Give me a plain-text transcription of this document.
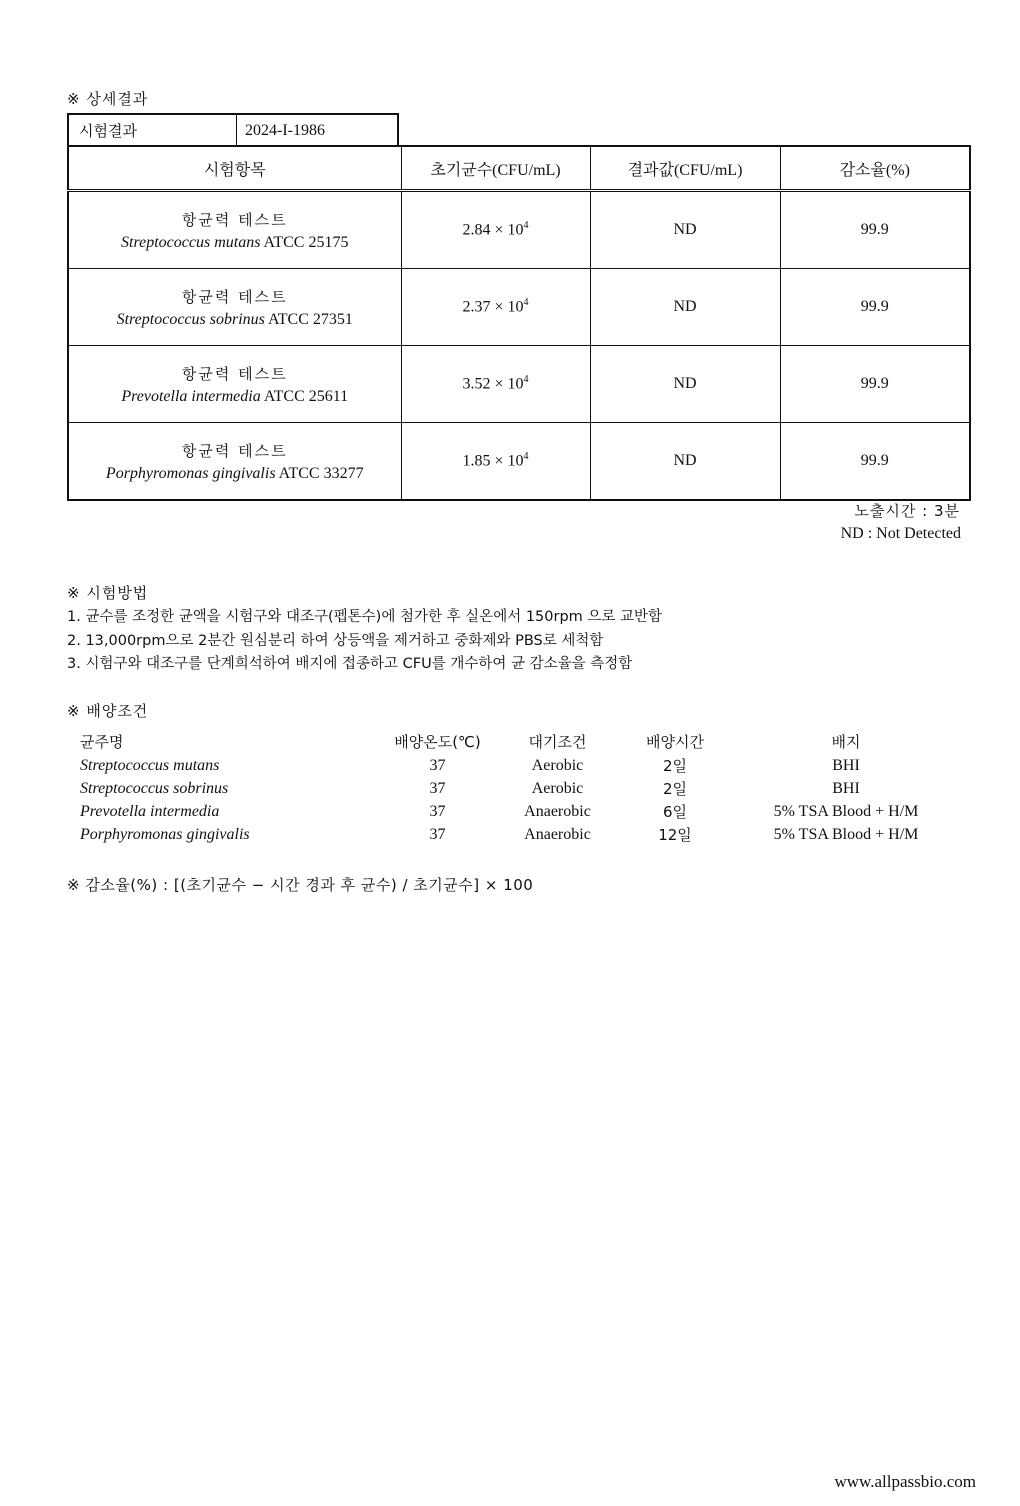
※ 상세결과
시험결과	2024-I-1986
시험항목	초기균수(CFU/mL)	결과값(CFU/mL)	감소율(%)

항균력 테스트
Streptococcus mutans ATCC 25175	$2.84 \times 10^4$	ND	99.9

항균력 테스트
Streptococcus sobrinus ATCC 27351	$2.37 \times 10^4$	ND	99.9

항균력 테스트
Prevotella intermedia ATCC 25611	$3.52 \times 10^4$	ND	99.9

항균력 테스트
Porphyromonas gingivalis ATCC 33277	$1.85 \times 10^4$	ND	99.9
노출시간 : 3분
ND : Not Detected
※ 시험방법
1. 균수를 조정한 균액을 시험구와 대조구(펩톤수)에 첨가한 후 실온에서 150rpm 으로 교반함
2. 13,000rpm으로 2분간 원심분리 하여 상등액을 제거하고 중화제와 PBS로 세척함
3. 시험구와 대조구를 단계희석하여 배지에 접종하고 CFU를 개수하여 균 감소율을 측정함
※ 배양조건
균주명	배양온도(℃)	대기조건	배양시간	배지
Streptococcus mutans	37	Aerobic	2일	BHI
Streptococcus sobrinus	37	Aerobic	2일	BHI
Prevotella intermedia	37	Anaerobic	6일	5% TSA Blood + H/M
Porphyromonas gingivalis	37	Anaerobic	12일	5% TSA Blood + H/M
※ 감소율(%) : [(초기균수 − 시간 경과 후 균수) / 초기균수] × 100
www.allpassbio.com
